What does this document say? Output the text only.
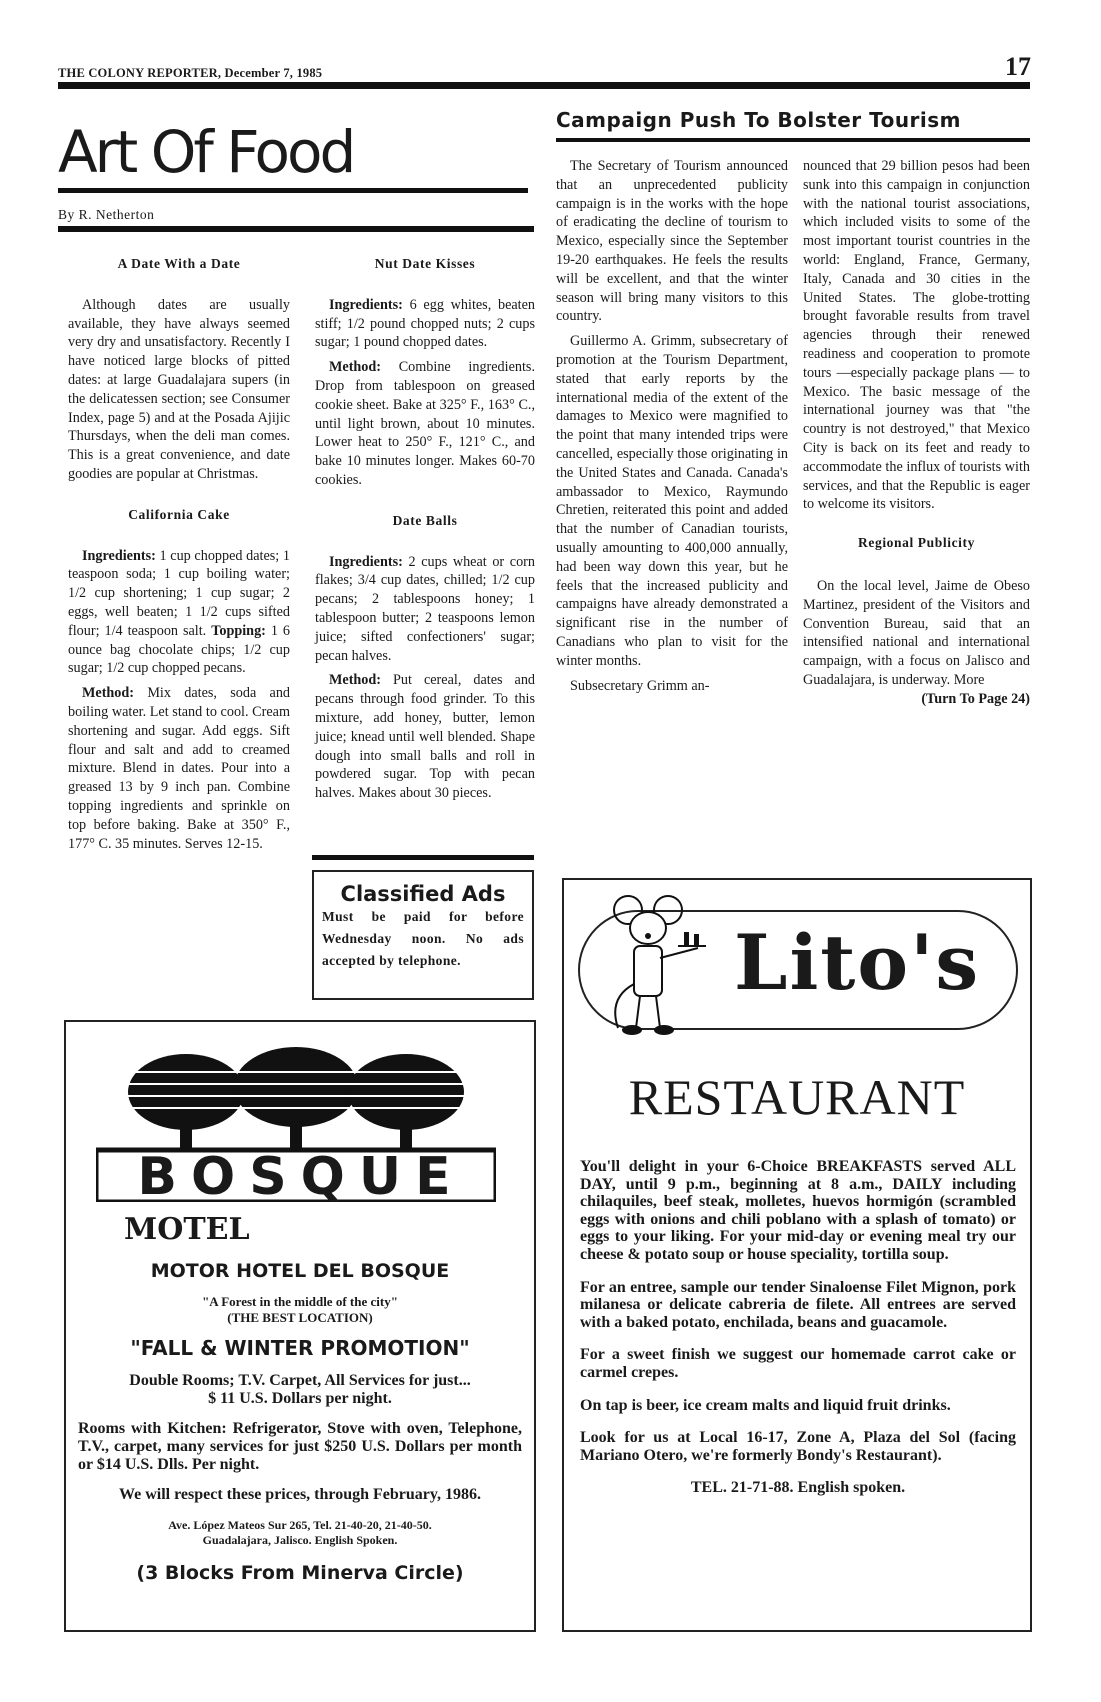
THE COLONY REPORTER, December 7, 1985	17
Art Of Food
By R. Netherton
A Date With a Date

Although dates are usually available, they have always seemed very dry and unsatisfactory. Recently I have noticed large blocks of pitted dates: at large Guadalajara supers (in the delicatessen section; see Consumer Index, page 5) and at the Posada Ajijic Thursdays, when the deli man comes. This is a great convenience, and date goodies are popular at Christmas.

California Cake

Ingredients: 1 cup chopped dates; 1 teaspoon soda; 1 cup boiling water; 1/2 cup shortening; 1 cup sugar; 2 eggs, well beaten; 1 1/2 cups sifted flour; 1/4 teaspoon salt. Topping: 1 6 ounce bag chocolate chips; 1/2 cup sugar; 1/2 cup chopped pecans.

Method: Mix dates, soda and boiling water. Let stand to cool. Cream shortening and sugar. Add eggs. Sift flour and salt and add to creamed mixture. Blend in dates. Pour into a greased 13 by 9 inch pan. Combine topping ingredients and sprinkle on top before baking. Bake at 350° F., 177° C. 35 minutes. Serves 12-15.

Nut Date Kisses

Ingredients: 6 egg whites, beaten stiff; 1/2 pound chopped nuts; 2 cups sugar; 1 pound chopped dates.

Method: Combine ingredients. Drop from tablespoon on greased cookie sheet. Bake at 325° F., 163° C., until light brown, about 10 minutes. Lower heat to 250° F., 121° C., and bake 10 minutes longer. Makes 60-70 cookies.

Date Balls

Ingredients: 2 cups wheat or corn flakes; 3/4 cup dates, chilled; 1/2 cup pecans; 2 tablespoons honey; 1 tablespoon butter; 2 teaspoons lemon juice; sifted confectioners' sugar; pecan halves.

Method: Put cereal, dates and pecans through food grinder. To this mixture, add honey, butter, lemon juice; knead until well blended. Shape dough into small balls and roll in powdered sugar. Top with pecan halves. Makes about 30 pieces.

Classified Ads
Must be paid for before Wednesday noon. No ads accepted by telephone.
Campaign Push To Bolster Tourism

The Secretary of Tourism announced that an unprecedented publicity campaign is in the works with the hope of eradicating the decline of tourism to Mexico, especially since the September 19-20 earthquakes. He feels the results will be excellent, and that the winter season will bring many visitors to this country.

Guillermo A. Grimm, subsecretary of promotion at the Tourism Department, stated that early reports by the international media of the extent of the damages to Mexico were magnified to the point that many intended trips were cancelled, especially those originating in the United States and Canada. Canada's ambassador to Mexico, Raymundo Chretien, reiterated this point and added that the number of Canadian tourists, usually amounting to 400,000 annually, had been way down this year, but he feels that the increased publicity and campaigns have already demonstrated a significant rise in the number of Canadians who plan to visit for the winter months.

Subsecretary Grimm an-

nounced that 29 billion pesos had been sunk into this campaign in conjunction with the national tourist associations, which included visits to some of the most important tourist countries in the world: England, France, Germany, Italy, Canada and 30 cities in the United States. The globe-trotting brought favorable results from travel agencies through their renewed readiness and cooperation to promote tours —especially package plans — to Mexico. The basic message of the international journey was that "the country is not destroyed," that Mexico City is back on its feet and ready to accommodate the influx of tourists with services, and that the Republic is eager to welcome its visitors.

Regional Publicity

On the local level, Jaime de Obeso Martinez, president of the Visitors and Convention Bureau, said that an intensified national and international campaign, with a focus on Jalisco and Guadalajara, is underway. More

(Turn To Page 24)
BOSQUE
MOTEL
MOTOR HOTEL DEL BOSQUE
"A Forest in the middle of the city"
(THE BEST LOCATION)
"FALL & WINTER PROMOTION"
Double Rooms; T.V. Carpet, All Services for just...
$ 11 U.S. Dollars per night.
Rooms with Kitchen: Refrigerator, Stove with oven, Telephone, T.V., carpet, many services for just $250 U.S. Dollars per month or $14 U.S. Dlls. Per night.
We will respect these prices, through February, 1986.
Ave. López Mateos Sur 265, Tel. 21-40-20, 21-40-50.
Guadalajara, Jalisco. English Spoken.
(3 Blocks From Minerva Circle)
Lito's
RESTAURANT

You'll delight in your 6-Choice BREAKFASTS served ALL DAY, until 9 p.m., beginning at 8 a.m., DAILY including chilaquiles, beef steak, molletes, huevos hormigón (scrambled eggs with onions and chili poblano with a splash of tomato) or eggs to your liking. For your mid-day or evening meal try our cheese & potato soup or house speciality, tortilla soup.

For an entree, sample our tender Sinaloense Filet Mignon, pork milanesa or delicate cabreria de filete. All entrees are served with a baked potato, enchilada, beans and guacamole.

For a sweet finish we suggest our homemade carrot cake or carmel crepes.

On tap is beer, ice cream malts and liquid fruit drinks.

Look for us at Local 16-17, Zone A, Plaza del Sol (facing Mariano Otero, we're formerly Bondy's Restaurant).

TEL. 21-71-88. English spoken.
